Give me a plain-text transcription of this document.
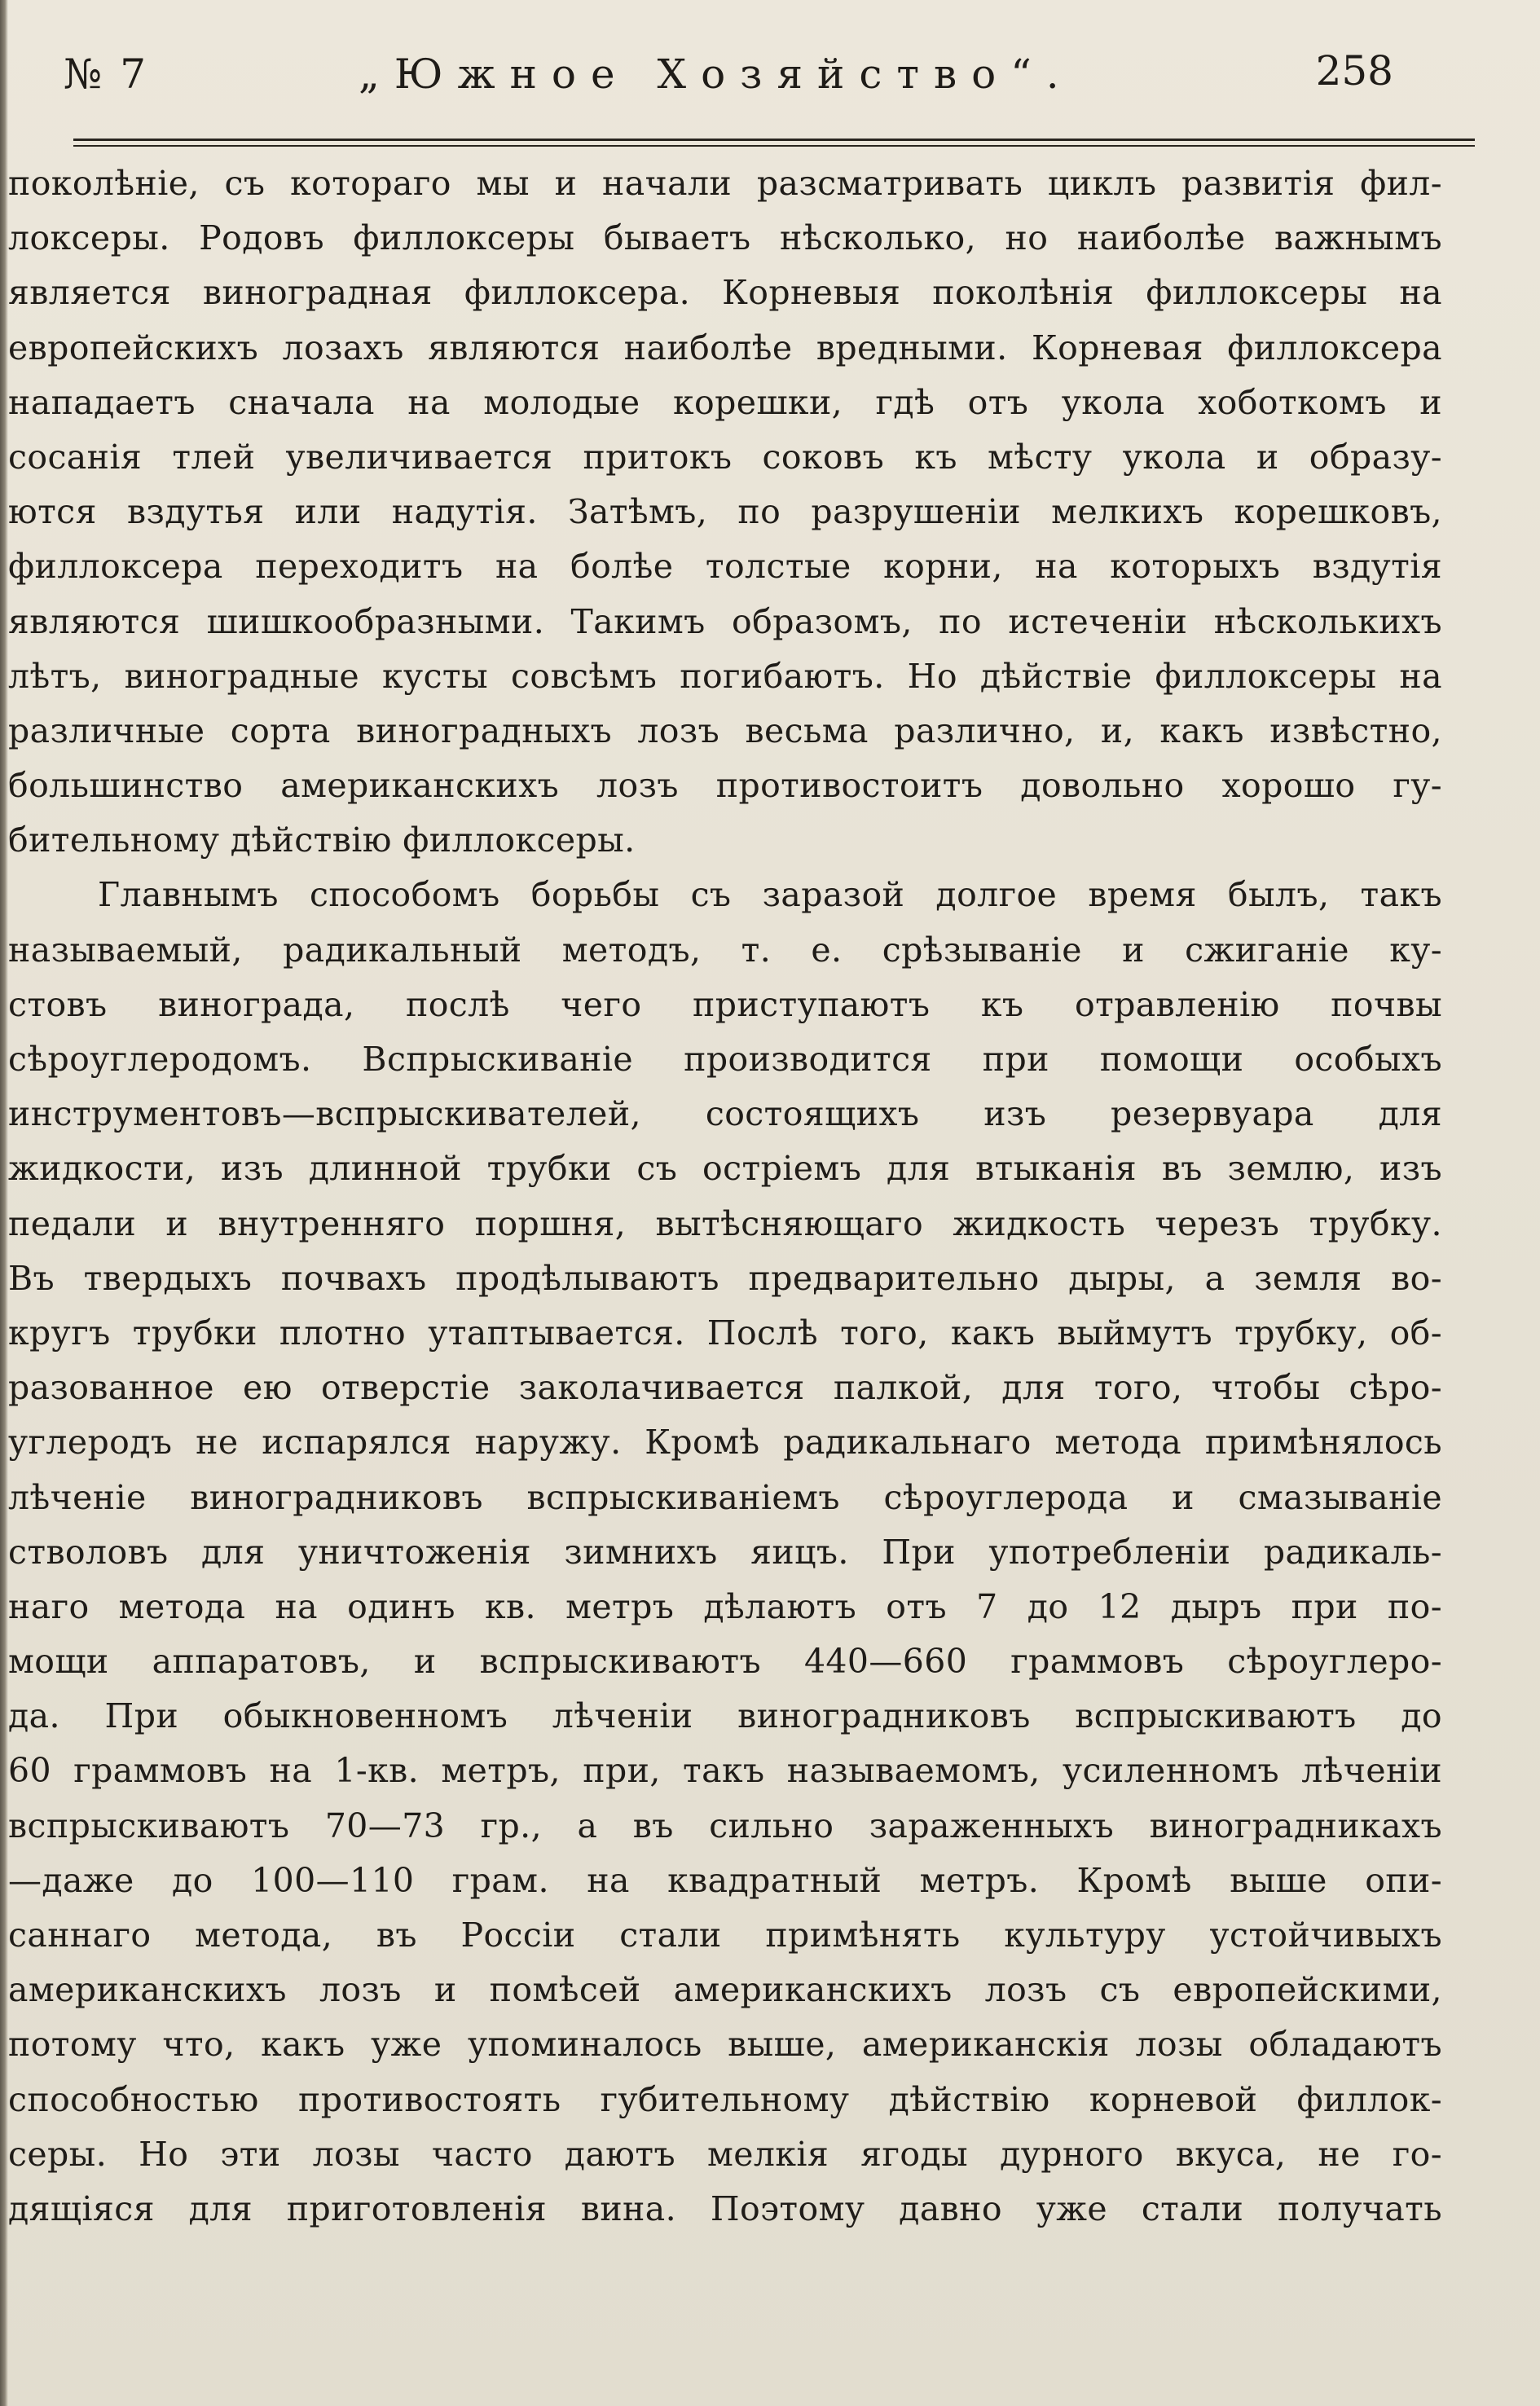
№ 7	„Южное Хозяйство“.	258
поколѣніе, съ котораго мы и начали разсматривать циклъ развитія фил-
локсеры. Родовъ филлоксеры бываетъ нѣсколько, но наиболѣе важнымъ
является виноградная филлоксера. Корневыя поколѣнія филлоксеры на
европейскихъ лозахъ являются наиболѣе вредными. Корневая филлоксера
нападаетъ сначала на молодые корешки, гдѣ отъ укола хоботкомъ и
сосанія тлей увеличивается притокъ соковъ къ мѣсту укола и образу-
ются вздутья или надутія. Затѣмъ, по разрушеніи мелкихъ корешковъ,
филлоксера переходитъ на болѣе толстые корни, на которыхъ вздутія
являются шишкообразными. Такимъ образомъ, по истеченіи нѣсколькихъ
лѣтъ, виноградные кусты совсѣмъ погибаютъ. Но дѣйствіе филлоксеры на
различные сорта виноградныхъ лозъ весьма различно, и, какъ извѣстно,
большинство американскихъ лозъ противостоитъ довольно хорошо гу-
бительному дѣйствію филлоксеры.
Главнымъ способомъ борьбы съ заразой долгое время былъ, такъ
называемый, радикальный методъ, т. е. срѣзываніе и сжиганіе ку-
стовъ винограда, послѣ чего приступаютъ къ отравленію почвы
сѣроуглеродомъ. Вспрыскиваніе производится при помощи особыхъ
инструментовъ—вспрыскивателей, состоящихъ изъ резервуара для
жидкости, изъ длинной трубки съ остріемъ для втыканія въ землю, изъ
педали и внутренняго поршня, вытѣсняющаго жидкость черезъ трубку.
Въ твердыхъ почвахъ продѣлываютъ предварительно дыры, а земля во-
кругъ трубки плотно утаптывается. Послѣ того, какъ выймутъ трубку, об-
разованное ею отверстіе заколачивается палкой, для того, чтобы сѣро-
углеродъ не испарялся наружу. Кромѣ радикальнаго метода примѣнялось
лѣченіе виноградниковъ вспрыскиваніемъ сѣроуглерода и смазываніе
стволовъ для уничтоженія зимнихъ яицъ. При употребленіи радикаль-
наго метода на одинъ кв. метръ дѣлаютъ отъ 7 до 12 дыръ при по-
мощи аппаратовъ, и вспрыскиваютъ 440—660 граммовъ сѣроуглеро-
да. При обыкновенномъ лѣченіи виноградниковъ вспрыскиваютъ до
60 граммовъ на 1-кв. метръ, при, такъ называемомъ, усиленномъ лѣченіи
вспрыскиваютъ 70—73 гр., а въ сильно зараженныхъ виноградникахъ
—даже до 100—110 грам. на квадратный метръ. Кромѣ выше опи-
саннаго метода, въ Россіи стали примѣнять культуру устойчивыхъ
американскихъ лозъ и помѣсей американскихъ лозъ съ европейскими,
потому что, какъ уже упоминалось выше, американскія лозы обладаютъ
способностью противостоять губительному дѣйствію корневой филлок-
серы. Но эти лозы часто даютъ мелкія ягоды дурного вкуса, не го-
дящіяся для приготовленія вина. Поэтому давно уже стали получать
